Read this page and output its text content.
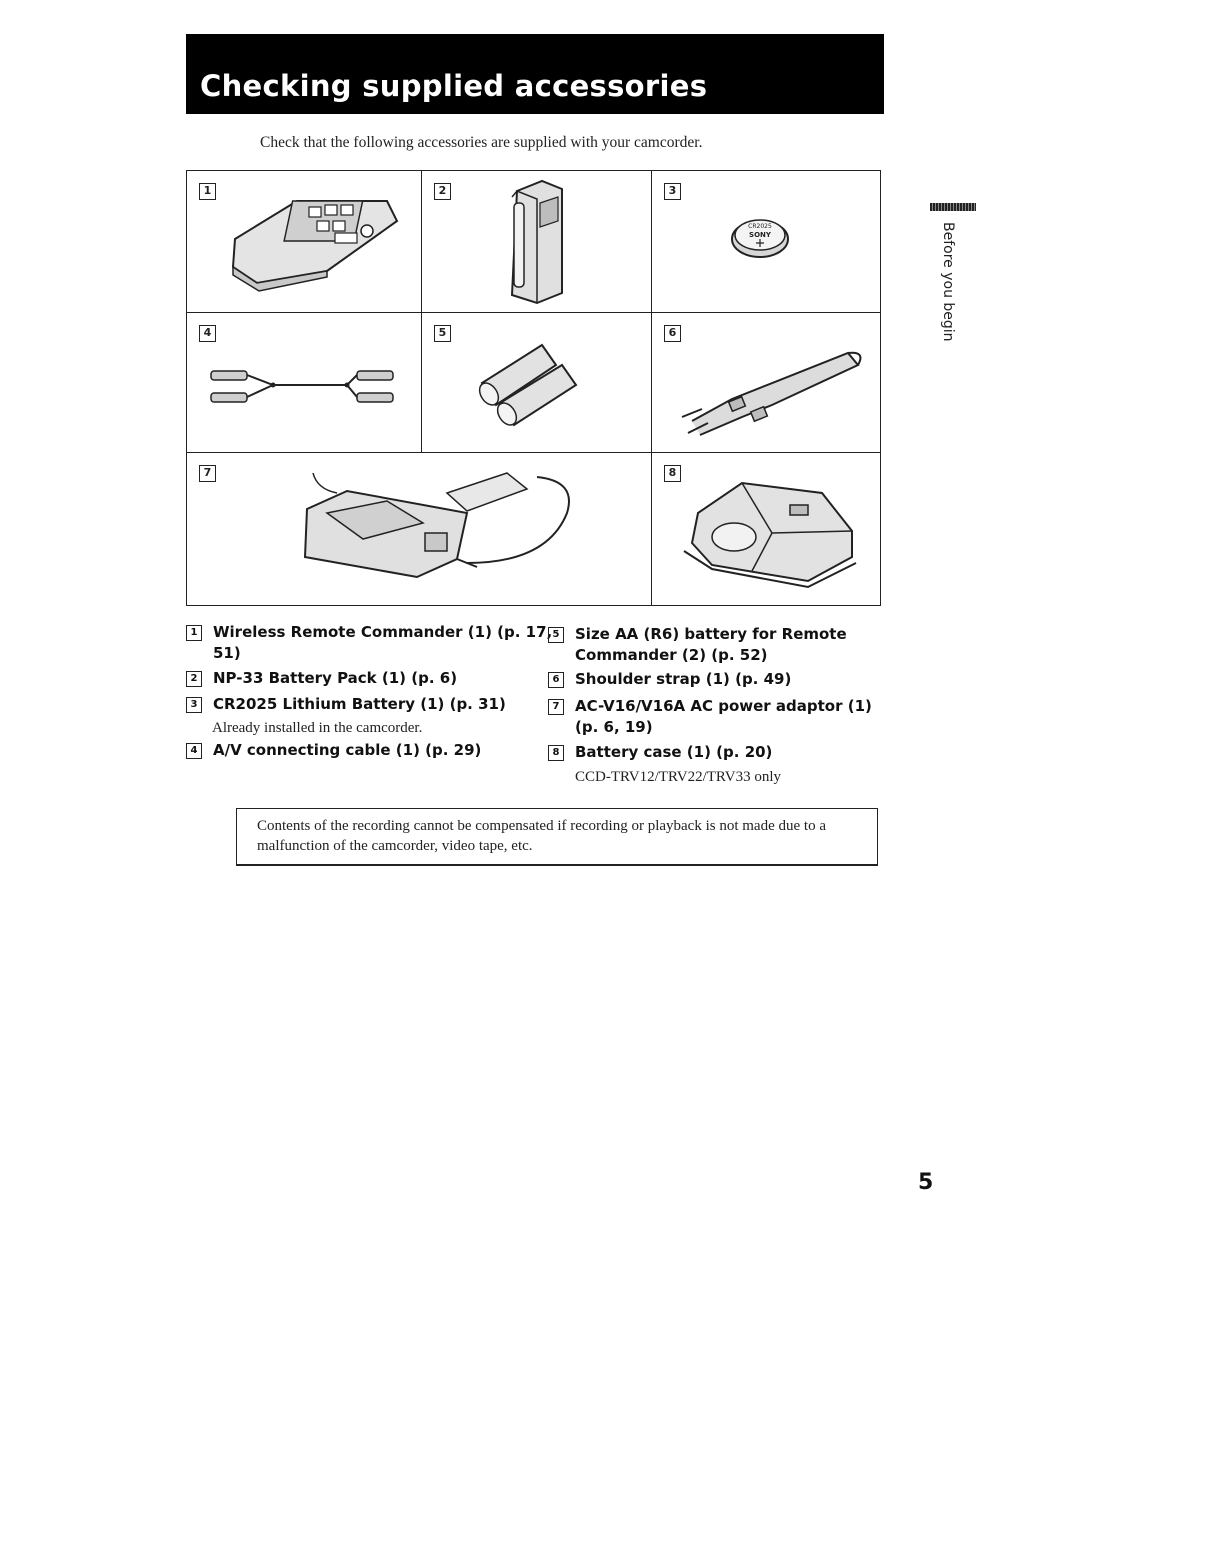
Checking supplied accessories

Check that the following accessories are supplied with your camcorder.

1	2	3
CR2025
SONY
4	5	6
7	8
1	Wireless Remote Commander (1) (p. 17,
51)
2	NP-33 Battery Pack (1) (p. 6)
3	CR2025 Lithium Battery (1) (p. 31)
Already installed in the camcorder.
4	A/V connecting cable (1) (p. 29)
5	Size AA (R6) battery for Remote
Commander (2) (p. 52)
6	Shoulder strap (1) (p. 49)
7	AC-V16/V16A AC power adaptor (1)
(p. 6, 19)
8	Battery case (1) (p. 20)
CCD-TRV12/TRV22/TRV33 only

Contents of the recording cannot be compensated if recording or playback is not made due to a malfunction of the camcorder, video tape, etc.

Before you begin
5
